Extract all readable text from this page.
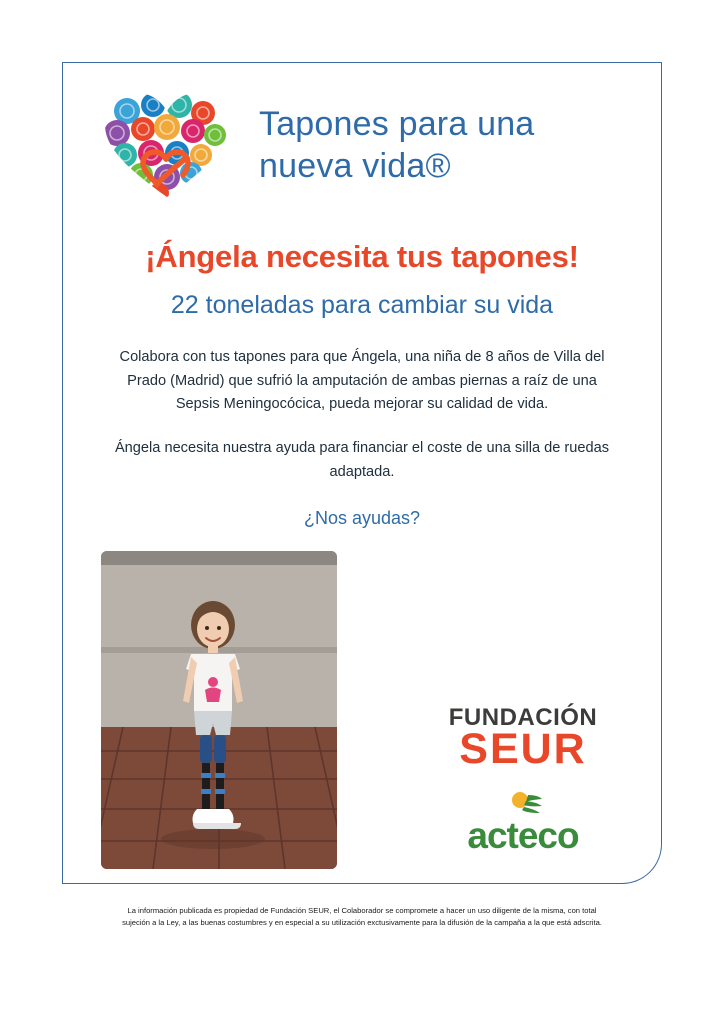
Tapones para una nueva vida®
¡Ángela necesita tus tapones!
22 toneladas para cambiar su vida
Colabora con tus tapones para que Ángela, una niña de 8 años de Villa del Prado (Madrid) que sufrió la amputación de ambas piernas a raíz de una Sepsis Meningocócica, pueda mejorar su calidad de vida.
Ángela necesita nuestra ayuda para financiar el coste de una silla de ruedas adaptada.
¿Nos ayudas?
FUNDACIÓN
SEUR
acteco
La información publicada es propiedad de Fundación SEUR, el Colaborador se compromete a hacer un uso diligente de la misma, con total
sujeción a la Ley, a las buenas costumbres y en especial a su utilización exctusivamente para la difusión de la campaña a la que está adscrita.
